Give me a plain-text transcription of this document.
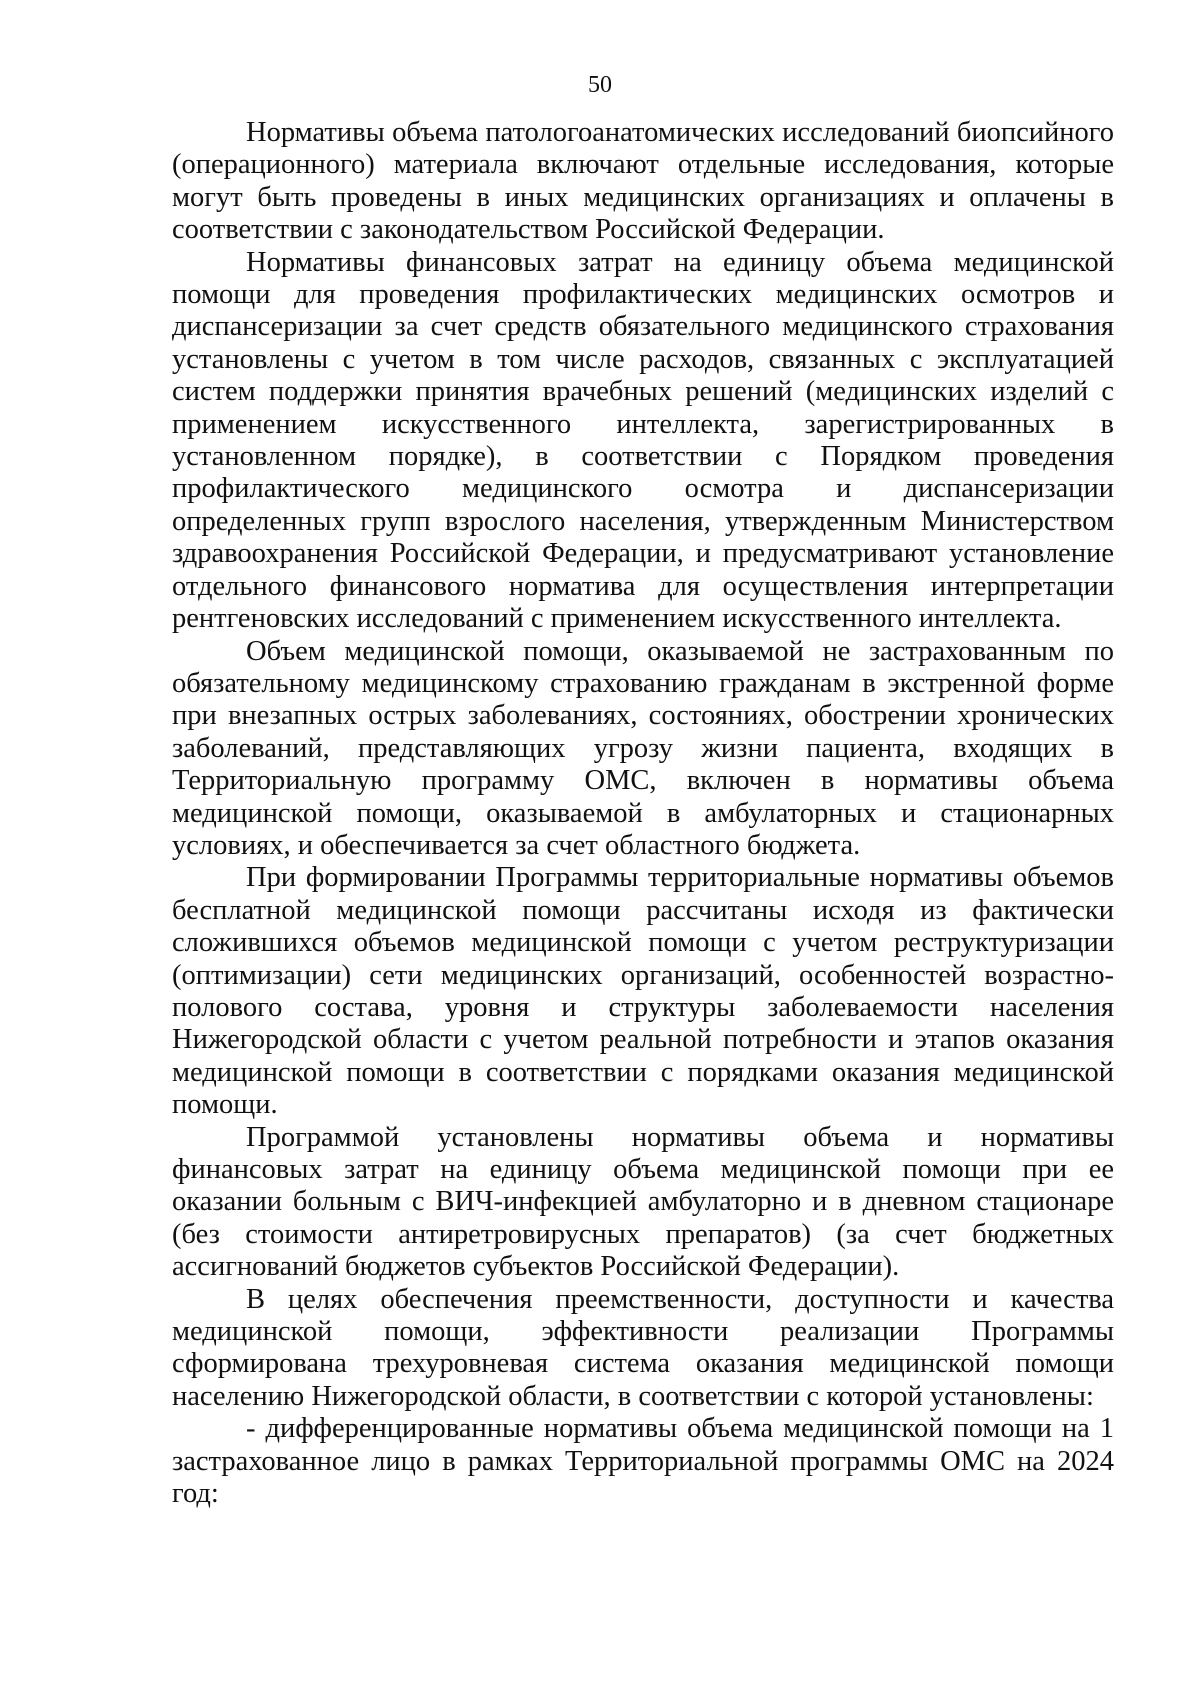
50

Нормативы объема патологоанатомических исследований биопсийного (операционного) материала включают отдельные исследования, которые могут быть проведены в иных медицинских организациях и оплачены в соответствии с законодательством Российской Федерации.

Нормативы финансовых затрат на единицу объема медицинской помощи для проведения профилактических медицинских осмотров и диспансеризации за счет средств обязательного медицинского страхования установлены с учетом в том числе расходов, связанных с эксплуатацией систем поддержки принятия врачебных решений (медицинских изделий с применением искусственного интеллекта, зарегистрированных в установленном порядке), в соответствии с Порядком проведения профилактического медицинского осмотра и диспансеризации определенных групп взрослого населения, утвержденным Министерством здравоохранения Российской Федерации, и предусматривают установление отдельного финансового норматива для осуществления интерпретации рентгеновских исследований с применением искусственного интеллекта.

Объем медицинской помощи, оказываемой не застрахованным по обязательному медицинскому страхованию гражданам в экстренной форме при внезапных острых заболеваниях, состояниях, обострении хронических заболеваний, представляющих угрозу жизни пациента, входящих в Территориальную программу ОМС, включен в нормативы объема медицинской помощи, оказываемой в амбулаторных и стационарных условиях, и обеспечивается за счет областного бюджета.

При формировании Программы территориальные нормативы объемов бесплатной медицинской помощи рассчитаны исходя из фактически сложившихся объемов медицинской помощи с учетом реструктуризации (оптимизации) сети медицинских организаций, особенностей возрастно-полового состава, уровня и структуры заболеваемости населения Нижегородской области с учетом реальной потребности и этапов оказания медицинской помощи в соответствии с порядками оказания медицинской помощи.

Программой установлены нормативы объема и нормативы финансовых затрат на единицу объема медицинской помощи при ее оказании больным с ВИЧ-инфекцией амбулаторно и в дневном стационаре (без стоимости антиретровирусных препаратов) (за счет бюджетных ассигнований бюджетов субъектов Российской Федерации).

В целях обеспечения преемственности, доступности и качества медицинской помощи, эффективности реализации Программы сформирована трехуровневая система оказания медицинской помощи населению Нижегородской области, в соответствии с которой установлены:

- дифференцированные нормативы объема медицинской помощи на 1 застрахованное лицо в рамках Территориальной программы ОМС на 2024 год:
